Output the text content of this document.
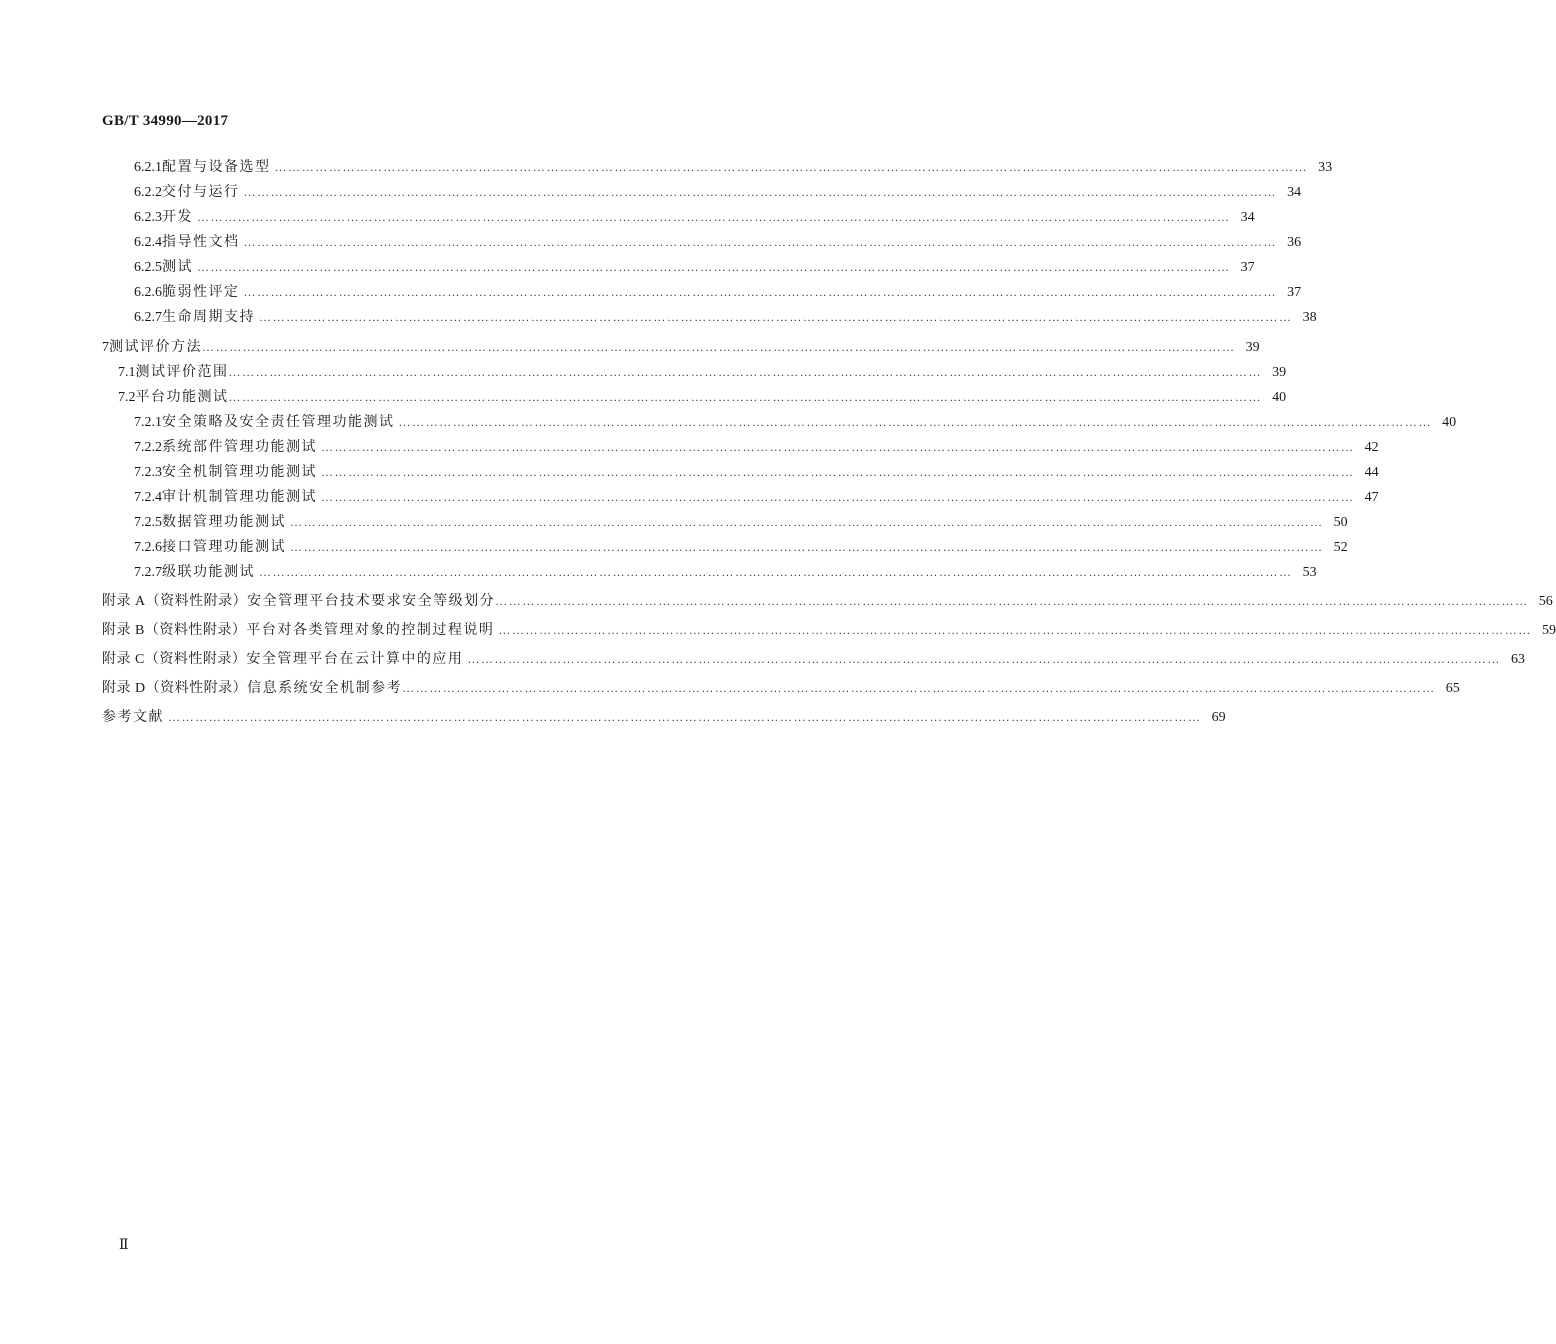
GB/T 34990—2017
6.2.1 配置与设备选型 ………………………………………………………………………………………………………………………………………………………………………………………………………… 33
6.2.2 交付与运行 ………………………………………………………………………………………………………………………………………………………………………………………………………… 34
6.2.3 开发 ………………………………………………………………………………………………………………………………………………………………………………………………………… 34
6.2.4 指导性文档 ………………………………………………………………………………………………………………………………………………………………………………………………………… 36
6.2.5 测试 ………………………………………………………………………………………………………………………………………………………………………………………………………… 37
6.2.6 脆弱性评定 ………………………………………………………………………………………………………………………………………………………………………………………………………… 37
6.2.7 生命周期支持 ………………………………………………………………………………………………………………………………………………………………………………………………………… 38
7 测试评价方法 ………………………………………………………………………………………………………………………………………………………………………………………………………… 39
7.1 测试评价范围 ………………………………………………………………………………………………………………………………………………………………………………………………………… 39
7.2 平台功能测试 ………………………………………………………………………………………………………………………………………………………………………………………………………… 40
7.2.1 安全策略及安全责任管理功能测试 ………………………………………………………………………………………………………………………………………………………………………………………………………… 40
7.2.2 系统部件管理功能测试 ………………………………………………………………………………………………………………………………………………………………………………………………………… 42
7.2.3 安全机制管理功能测试 ………………………………………………………………………………………………………………………………………………………………………………………………………… 44
7.2.4 审计机制管理功能测试 ………………………………………………………………………………………………………………………………………………………………………………………………………… 47
7.2.5 数据管理功能测试 ………………………………………………………………………………………………………………………………………………………………………………………………………… 50
7.2.6 接口管理功能测试 ………………………………………………………………………………………………………………………………………………………………………………………………………… 52
7.2.7 级联功能测试 ………………………………………………………………………………………………………………………………………………………………………………………………………… 53
附录 A（资料性附录） 安全管理平台技术要求安全等级划分 ………………………………………………………………………………………………………………………………………………………………………………………………………… 56
附录 B（资料性附录） 平台对各类管理对象的控制过程说明 ………………………………………………………………………………………………………………………………………………………………………………………………………… 59
附录 C（资料性附录） 安全管理平台在云计算中的应用 ………………………………………………………………………………………………………………………………………………………………………………………………………… 63
附录 D（资料性附录） 信息系统安全机制参考 ………………………………………………………………………………………………………………………………………………………………………………………………………… 65
参考文献 ………………………………………………………………………………………………………………………………………………………………………………………………………… 69
Ⅱ
